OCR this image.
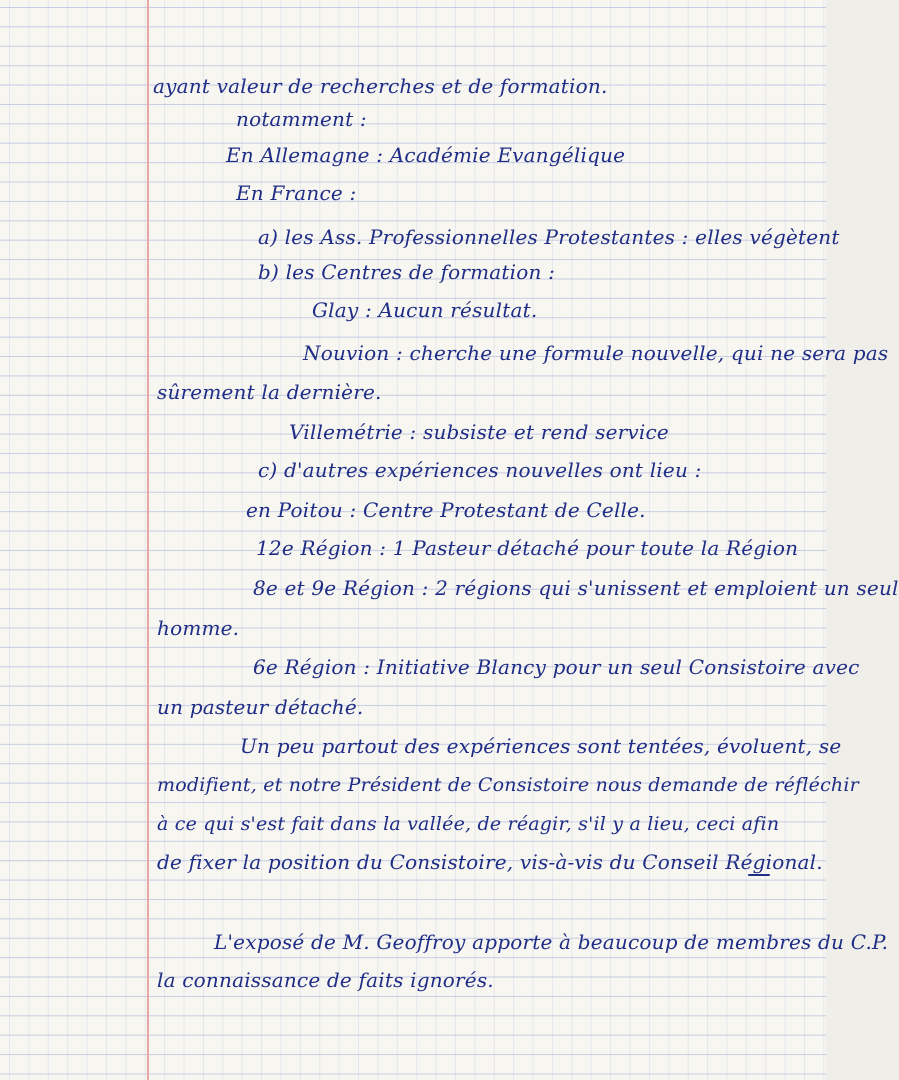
ayant valeur de recherches et de formation.
notamment :
En Allemagne : Académie Evangélique
En France :
a) les Ass. Professionnelles Protestantes : elles végètent
b) les Centres de formation :
Glay : Aucun résultat.
Nouvion : cherche une formule nouvelle, qui ne sera pas
sûrement la dernière.
Villemétrie : subsiste et rend service
c) d'autres expériences nouvelles ont lieu :
en Poitou : Centre Protestant de Celle.
12e Région : 1 Pasteur détaché pour toute la Région
8e et 9e Région : 2 régions qui s'unissent et emploient un seul
homme.
6e Région : Initiative Blancy pour un seul Consistoire avec
un pasteur détaché.
Un peu partout des expériences sont tentées, évoluent, se
modifient, et notre Président de Consistoire nous demande de réfléchir
à ce qui s'est fait dans la vallée, de réagir, s'il y a lieu, ceci afin
de fixer la position du Consistoire, vis-à-vis du Conseil Régional.
L'exposé de M. Geoffroy apporte à beaucoup de membres du C.P.
la connaissance de faits ignorés.
